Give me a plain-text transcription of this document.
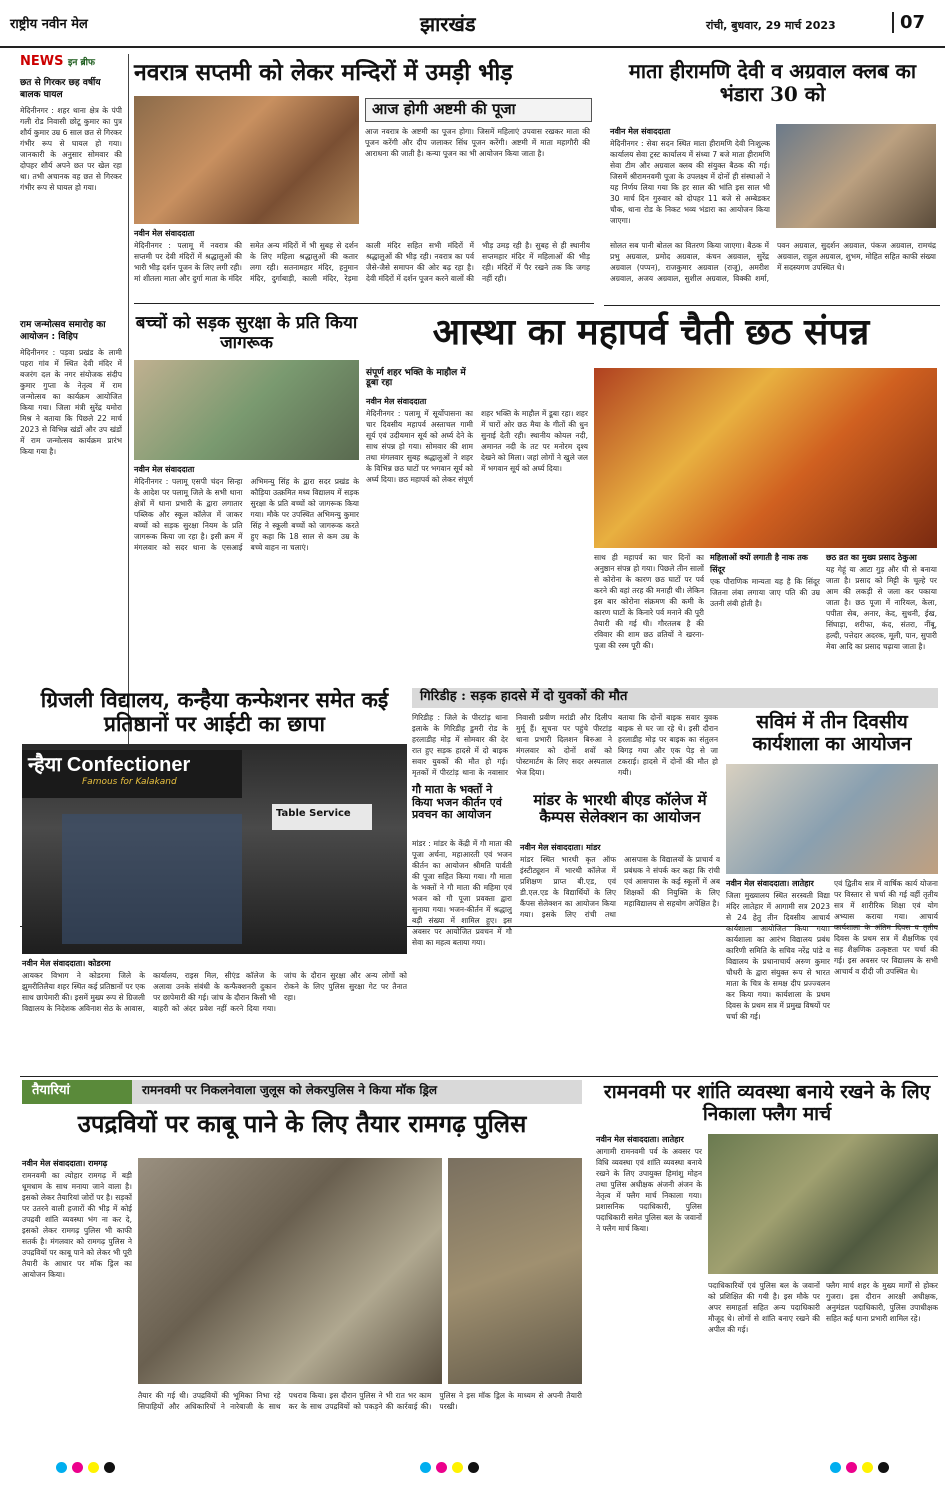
राष्ट्रीय नवीन मेल	झारखंड	रांची, बुधवार, 29 मार्च 2023	07
NEWS इन ब्रीफ
छत से गिरकर छह वर्षीय बालक घायल
मेदिनीनगर : शहर थाना क्षेत्र के पंपी गली रोड निवासी छोटू कुमार का पुत्र शौर्य कुमार उम्र 6 साल छत से गिरकर गंभीर रूप से घायल हो गया। जानकारी के अनुसार सोमवार की दोपहर शौर्य अपने छत पर खेल रहा था। तभी अचानक वह छत से गिरकर गंभीर रूप से घायल हो गया।
राम जन्मोत्सव समारोह का आयोजन : विहिप
मेदिनीनगर : पड़वा प्रखंड के लामी पहरा गांव में स्थित देवी मंदिर में बजरंग दल के नगर संयोजक संदीप कुमार गुप्ता के नेतृत्व में राम जन्मोत्सव का कार्यक्रम आयोजित किया गया। जिला मंत्री सुरेंद्र यमोरा मिश्र ने बताया कि पिछले 22 मार्च 2023 से विभिन्न खंडों और उप खंडों में राम जन्मोत्सव कार्यक्रम प्रारंभ किया गया है।
नवरात्र सप्तमी को लेकर मन्दिरों में उमड़ी भीड़
आज होगी अष्टमी की पूजा
आज नवरात्र के अष्टमी का पूजन होगा। जिसमें महिलाएं उपवास रखकर माता की पूजन करेंगी और दीप जलाकर सिंध पूजन करेंगी। अष्टमी में माता महागौरी की आराधना की जाती है। कन्या पूजन का भी आयोजन किया जाता है।
नवीन मेल संवाददाता
मेदिनीनगर : पलामू में नवरात्र की सप्तमी पर देवी मंदिरों में श्रद्धालुओं की भारी भीड़ दर्शन पूजन के लिए लगी रही। मां शीतला माता और दुर्गा माता के मंदिर समेत अन्य मंदिरों में भी सुबह से दर्शन के लिए महिला श्रद्धालुओं की कतार लगा रही। सतनामहार मंदिर, हनुमान मंदिर, दुर्गाबाड़ी, काली मंदिर, रेड़मा काली मंदिर सहित सभी मंदिरों में श्रद्धालुओं की भीड़ रही। नवरात्र का पर्व जैसे-जैसे समापन की ओर बढ़ रहा है। देवी मंदिरों में दर्शन पूजन करने वालों की भीड़ उमड़ रही है। सुबह से ही स्थानीय सप्तमहार मंदिर में महिलाओं की भीड़ रही। मंदिरों में पैर रखने तक कि जगह नहीं रही।
माता हीरामणि देवी व अग्रवाल क्लब का भंडारा 30 को
नवीन मेल संवाददाता
मेदिनीनगर : सेवा सदन स्थित माता हीरामणि देवी निःशुल्क कार्यालय सेवा ट्रस्ट कार्यालय में संध्या 7 बजे माता हीरामणि सेवा टीम और अग्रवाल क्लब की संयुक्त बैठक की गई। जिसमें श्रीरामनवमी पूजा के उपलक्ष्य में दोनों ही संस्थाओं ने यह निर्णय लिया गया कि हर साल की भांति इस साल भी 30 मार्च दिन गुरुवार को दोपहर 11 बजे से अम्बेडकर चौक, थाना रोड के निकट भव्य भंडारा का आयोजन किया जाएगा।
सोलत सब पानी बोतल का वितरण किया जाएगा। बैठक में प्रभु अग्रवाल, प्रमोद अग्रवाल, कंचन अग्रवाल, सुरेंद्र अग्रवाल (पप्पन), राजकुमार अग्रवाल (राजू), अमरीश अग्रवाल, अजय अग्रवाल, सुशील अग्रवाल, विक्की शर्मा, पवन अग्रवाल, सुदर्शन अग्रवाल, पंकज अग्रवाल, रामचंद्र अग्रवाल, राहुल अग्रवाल, शुभम, मोहित सहित काफी संख्या में सदस्यगण उपस्थित थे।
बच्चों को सड़क सुरक्षा के प्रति किया जागरूक
नवीन मेल संवाददाता
मेदिनीनगर : पलामू एसपी चंदन सिन्हा के आदेश पर पलामू जिले के सभी थाना क्षेत्रों में थाना प्रभारी के द्वारा लगातार पब्लिक और स्कूल कॉलेज में जाकर बच्चों को सड़क सुरक्षा नियम के प्रति जागरूक किया जा रहा है। इसी क्रम में मंगलवार को सदर थाना के एसआई अभिमन्यु सिंह के द्वारा सदर प्रखंड के कौड़िया उत्क्रमित मध्य विद्यालय में सड़क सुरक्षा के प्रति बच्चों को जागरूक किया गया। मौके पर उपस्थित अभिमन्यु कुमार सिंह ने स्कूली बच्चों को जागरूक करते हुए कहा कि 18 साल से कम उम्र के बच्चे वाहन ना चलाएं।
आस्था का महापर्व चैती छठ संपन्न
संपूर्ण शहर भक्ति के माहौल में डूबा रहा
नवीन मेल संवाददाता
मेदिनीनगर : पलामू में सूर्योपासना का चार दिवसीय महापर्व अस्ताचल गामी सूर्य एवं उदीयमान सूर्य को अर्घ्य देने के साथ संपन्न हो गया। सोमवार की शाम तथा मंगलवार सुबह श्रद्धालुओं ने शहर के विभिन्न छठ घाटों पर भगवान सूर्य को अर्घ्य दिया। छठ महापर्व को लेकर संपूर्ण शहर भक्ति के माहौल में डूबा रहा। शहर में चारों ओर छठ मैया के गीतों की धुन सुनाई देती रही। स्थानीय कोयल नदी, अमानत नदी के तट पर मनोरम दृश्य देखने को मिला। जहां लोगों ने खुले जल में भगवान सूर्य को अर्घ्य दिया।
साथ ही महापर्व का चार दिनों का अनुष्ठान संपन्न हो गया। पिछले तीन सालों से कोरोना के कारण छठ घाटों पर पर्व करने की वहां तरह की मनाही थी। लेकिन इस बार कोरोना संक्रमण की कमी के कारण घाटों के किनारे पर्व मनाने की पूरी तैयारी की गई थी। गौरतलब है की रविवार की शाम छठ व्रतियों ने खरना-पूजा की रस्म पूरी की।
महिलाओं क्यों लगाती है नाक तक सिंदूर
एक पौराणिक मान्यता यह है कि सिंदूर जितना लंबा लगाया जाए पति की उम्र उतनी लंबी होती है।
छठ व्रत का मुख्य प्रसाद ठेकुआ
यह गेहूं या आटा गुड़ और घी से बनाया जाता है। प्रसाद को मिट्टी के चूल्हे पर आम की लकड़ी से जला कर पकाया जाता है। छठ पूजा में नारियल, केला, पपीता सेब, अनार, केद, सुथनी, ईख, सिंघाड़ा, शरीफा, कंद, संतरा, नींबू, हल्दी, पत्तेदार अदरक, मूली, पान, सुपारी मेवा आदि का प्रसाद चढ़ाया जाता है।
ग्रिजली विद्यालय, कन्हैया कन्फेशनर समेत कई प्रतिष्ठानों पर आईटी का छापा
न्हैया Confectioner
Famous for Kalakand
Table Service
गिरिडीह : सड़क हादसे में दो युवकों की मौत
गिरिडीह : जिले के पीरटांड़ थाना इलाके के गिरिडीह डुमरी रोड के हरलाडीह मोड़ में सोमवार की देर रात हुए सड़क हादसे में दो बाइक सवार युवकों की मौत हो गई। मृतकों में पीरटांड़ थाना के नवासार निवासी प्रवीण मरांडी और दिलीप मुर्मू हैं। सूचना पर पहुंचे पीरटांड़ थाना प्रभारी दिलशन बिरुआ ने मंगलवार को दोनों शवों को पोस्टमार्टम के लिए सदर अस्पताल भेज दिया।
बताया कि दोनों बाइक सवार युवक बाइक से घर जा रहे थे। इसी दौरान हरलाडीह मोड़ पर बाइक का संतुलन बिगड़ गया और एक पेड़ से जा टकराई। हादसे में दोनों की मौत हो गयी।
गौ माता के भक्तों ने किया भजन कीर्तन एवं प्रवचन का आयोजन
मांडर : मांडर के केंद्री में गौ माता की पूजा अर्चना, महाआरती एवं भजन कीर्तन का आयोजन श्रीमति पार्वती की पूजा सहित किया गया। गौ माता के भक्तों ने गौ माता की महिमा एवं भजन को गौ पूजा प्रवक्ता द्वारा सुनाया गया। भजन-कीर्तन में श्रद्धालु बड़ी संख्या में शामिल हुए। इस अवसर पर आयोजित प्रवचन में गौ सेवा का महत्व बताया गया।
मांडर के भारथी बीएड कॉलेज में कैम्पस सेलेक्शन का आयोजन
नवीन मेल संवाददाता। मांडर
मांडर स्थित भारथी कृत ऑफ इंस्टीट्यूशन में भारथी कॉलेज में प्रशिक्षण प्राप्त बी.एड, एवं डी.एल.एड के विद्यार्थियों के लिए कैंपस सेलेक्शन का आयोजन किया गया। इसके लिए रांची तथा आसपास के विद्यालयों के प्राचार्य व प्रबंधक ने संपर्क कर कहा कि रांची एवं आसपास के कई स्कूलों में अब शिक्षकों की नियुक्ति के लिए महाविद्यालय से सहयोग अपेक्षित है।
सविमं में तीन दिवसीय कार्यशाला का आयोजन
नवीन मेल संवाददाता। लातेहार
जिला मुख्यालय स्थित सरस्वती विद्या मंदिर लातेहार में आगामी सत्र 2023 से 24 हेतु तीन दिवसीय आचार्य कार्यशाला आयोजित किया गया। कार्यशाला का आरंभ विद्यालय प्रबंध कारिणी समिति के सचिव नरेंद्र पांडे व विद्यालय के प्रधानाचार्य अरुण कुमार चौधरी के द्वारा संयुक्त रूप से भारत माता के चित्र के समक्ष दीप प्रज्ज्वलन कर किया गया। कार्यशाला के प्रथम दिवस के प्रथम सत्र में प्रमुख विषयों पर चर्चा की गई।
एवं द्वितीय सत्र में वार्षिक कार्य योजना पर विस्तार से चर्चा की गई वहीं तृतीय सत्र में शारीरिक शिक्षा एवं योग अभ्यास कराया गया। आचार्य कार्यशाला के अंतिम दिवस व तृतीय दिवस के प्रथम सत्र में शैक्षणिक एवं सह शैक्षणिक उत्कृष्टता पर चर्चा की गई। इस अवसर पर विद्यालय के सभी आचार्य व दीदी जी उपस्थित थे।
नवीन मेल संवाददाता। कोडरमा
आयकर विभाग ने कोडरमा जिले के झुमरीतिलैया शहर स्थित कई प्रतिष्ठानों पर एक साथ छापेमारी की। इसमें मुख्य रूप से ग्रिजली विद्यालय के निदेशक अविनाश सेठ के आवास, कार्यालय, राइस मिल, सीएंड कॉलेज के अलावा उनके संबंधी के कन्फैक्शनरी दुकान पर छापेमारी की गई। जांच के दौरान किसी भी बाहरी को अंदर प्रवेश नहीं करने दिया गया। जांच के दौरान सुरक्षा और अन्य लोगों को रोकने के लिए पुलिस सुरक्षा गेट पर तैनात रहा।
तैयारियां	रामनवमी पर निकलनेवाला जुलूस को लेकरपुलिस ने किया मॉक ड्रिल
उपद्रवियों पर काबू पाने के लिए तैयार रामगढ़ पुलिस
नवीन मेल संवाददाता। रामगढ़
रामनवमी का त्योहार रामगढ़ में बड़ी धूमधाम के साथ मनाया जाने वाला है। इसको लेकर तैयारियां जोरों पर है। सड़कों पर उतरने वाली हजारों की भीड़ में कोई उपद्रवी शांति व्यवस्था भंग ना कर दे, इसको लेकर रामगढ़ पुलिस भी काफी सतर्क है। मंगलवार को रामगढ़ पुलिस ने उपद्रवियों पर काबू पाने को लेकर भी पूरी तैयारी के आधार पर मॉक ड्रिल का आयोजन किया।
तैयार की गई थी। उपद्रवियों की भूमिका निभा रहे सिपाहियों और अधिकारियों ने नारेबाजी के साथ पथराव किया। इस दौरान पुलिस ने भी रात भर काम कर के साथ उपद्रवियों को पकड़ने की कार्रवाई की। पुलिस ने इस मॉक ड्रिल के माध्यम से अपनी तैयारी परखी।
रामनवमी पर शांति व्यवस्था बनाये रखने के लिए निकाला फ्लैग मार्च
नवीन मेल संवाददाता। लातेहार
आगामी रामनवमी पर्व के अवसर पर विधि व्यवस्था एवं शांति व्यवस्था बनाये रखने के लिए उपायुक्त हिमांशु मोहन तथा पुलिस अधीक्षक अंजनी अंजन के नेतृत्व में फ्लैग मार्च निकाला गया। प्रशासनिक पदाधिकारी, पुलिस पदाधिकारी समेत पुलिस बल के जवानों ने फ्लैग मार्च किया।
पदाधिकारियों एवं पुलिस बल के जवानों को प्रशिक्षित की गयी है। इस मौके पर अपर समाहर्ता सहित अन्य पदाधिकारी मौजूद थे। लोगों से शांति बनाए रखने की अपील की गई।
फ्लैग मार्च शहर के मुख्य मार्गों से होकर गुजरा। इस दौरान आरक्षी अधीक्षक, अनुमंडल पदाधिकारी, पुलिस उपाधीक्षक सहित कई थाना प्रभारी शामिल रहे।
